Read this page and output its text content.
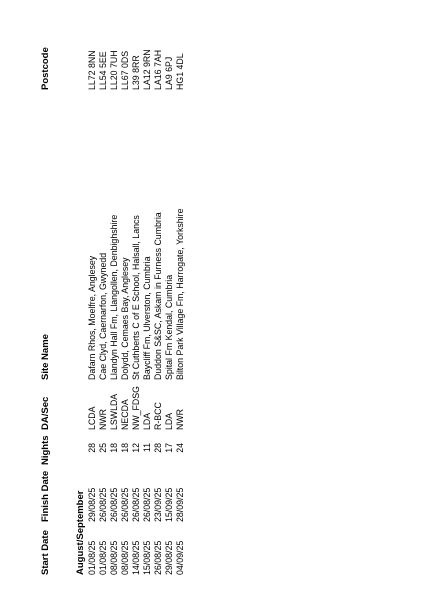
Start Date
Finish Date
Nights
DA/Sec
Site Name
Postcode
August/September 01/08/25
29/08/25
28
LCDA
Dafarn Rhos, Moelfre, Anglesey
LL72 8NN
01/08/25
26/08/25
25
NWR
Cae Clyd, Caernarfon, Gwynedd
LL54 5EE
08/08/25
26/08/25
18
LSWLDA
Llandyn Hall Fm, Llangollen, Denbighshire
LL20 7UH
08/08/25
26/08/25
18
NECDA
Dolydd, Cemaes Bay, Anglesey
LL67 0DS
14/08/25
26/08/25
12
NW_FDSG
St Cuthberts C of E School, Halsall, Lancs
L39 8RR
15/08/25
26/08/25
11
LDA
Baycliff Fm, Ulverston, Cumbria
LA12 9RN
26/08/25
23/09/25
28
R-BCC
Duddon S&SC, Askam in Furness Cumbria
LA16 7AH
29/08/25
15/09/25
17
LDA
Spital Fm Kendal, Cumbria
LA9 6PJ
04/09/25
28/09/25
24
NWR
Bilton Park Village Fm, Harrogate, Yorkshire
HG1 4DL
